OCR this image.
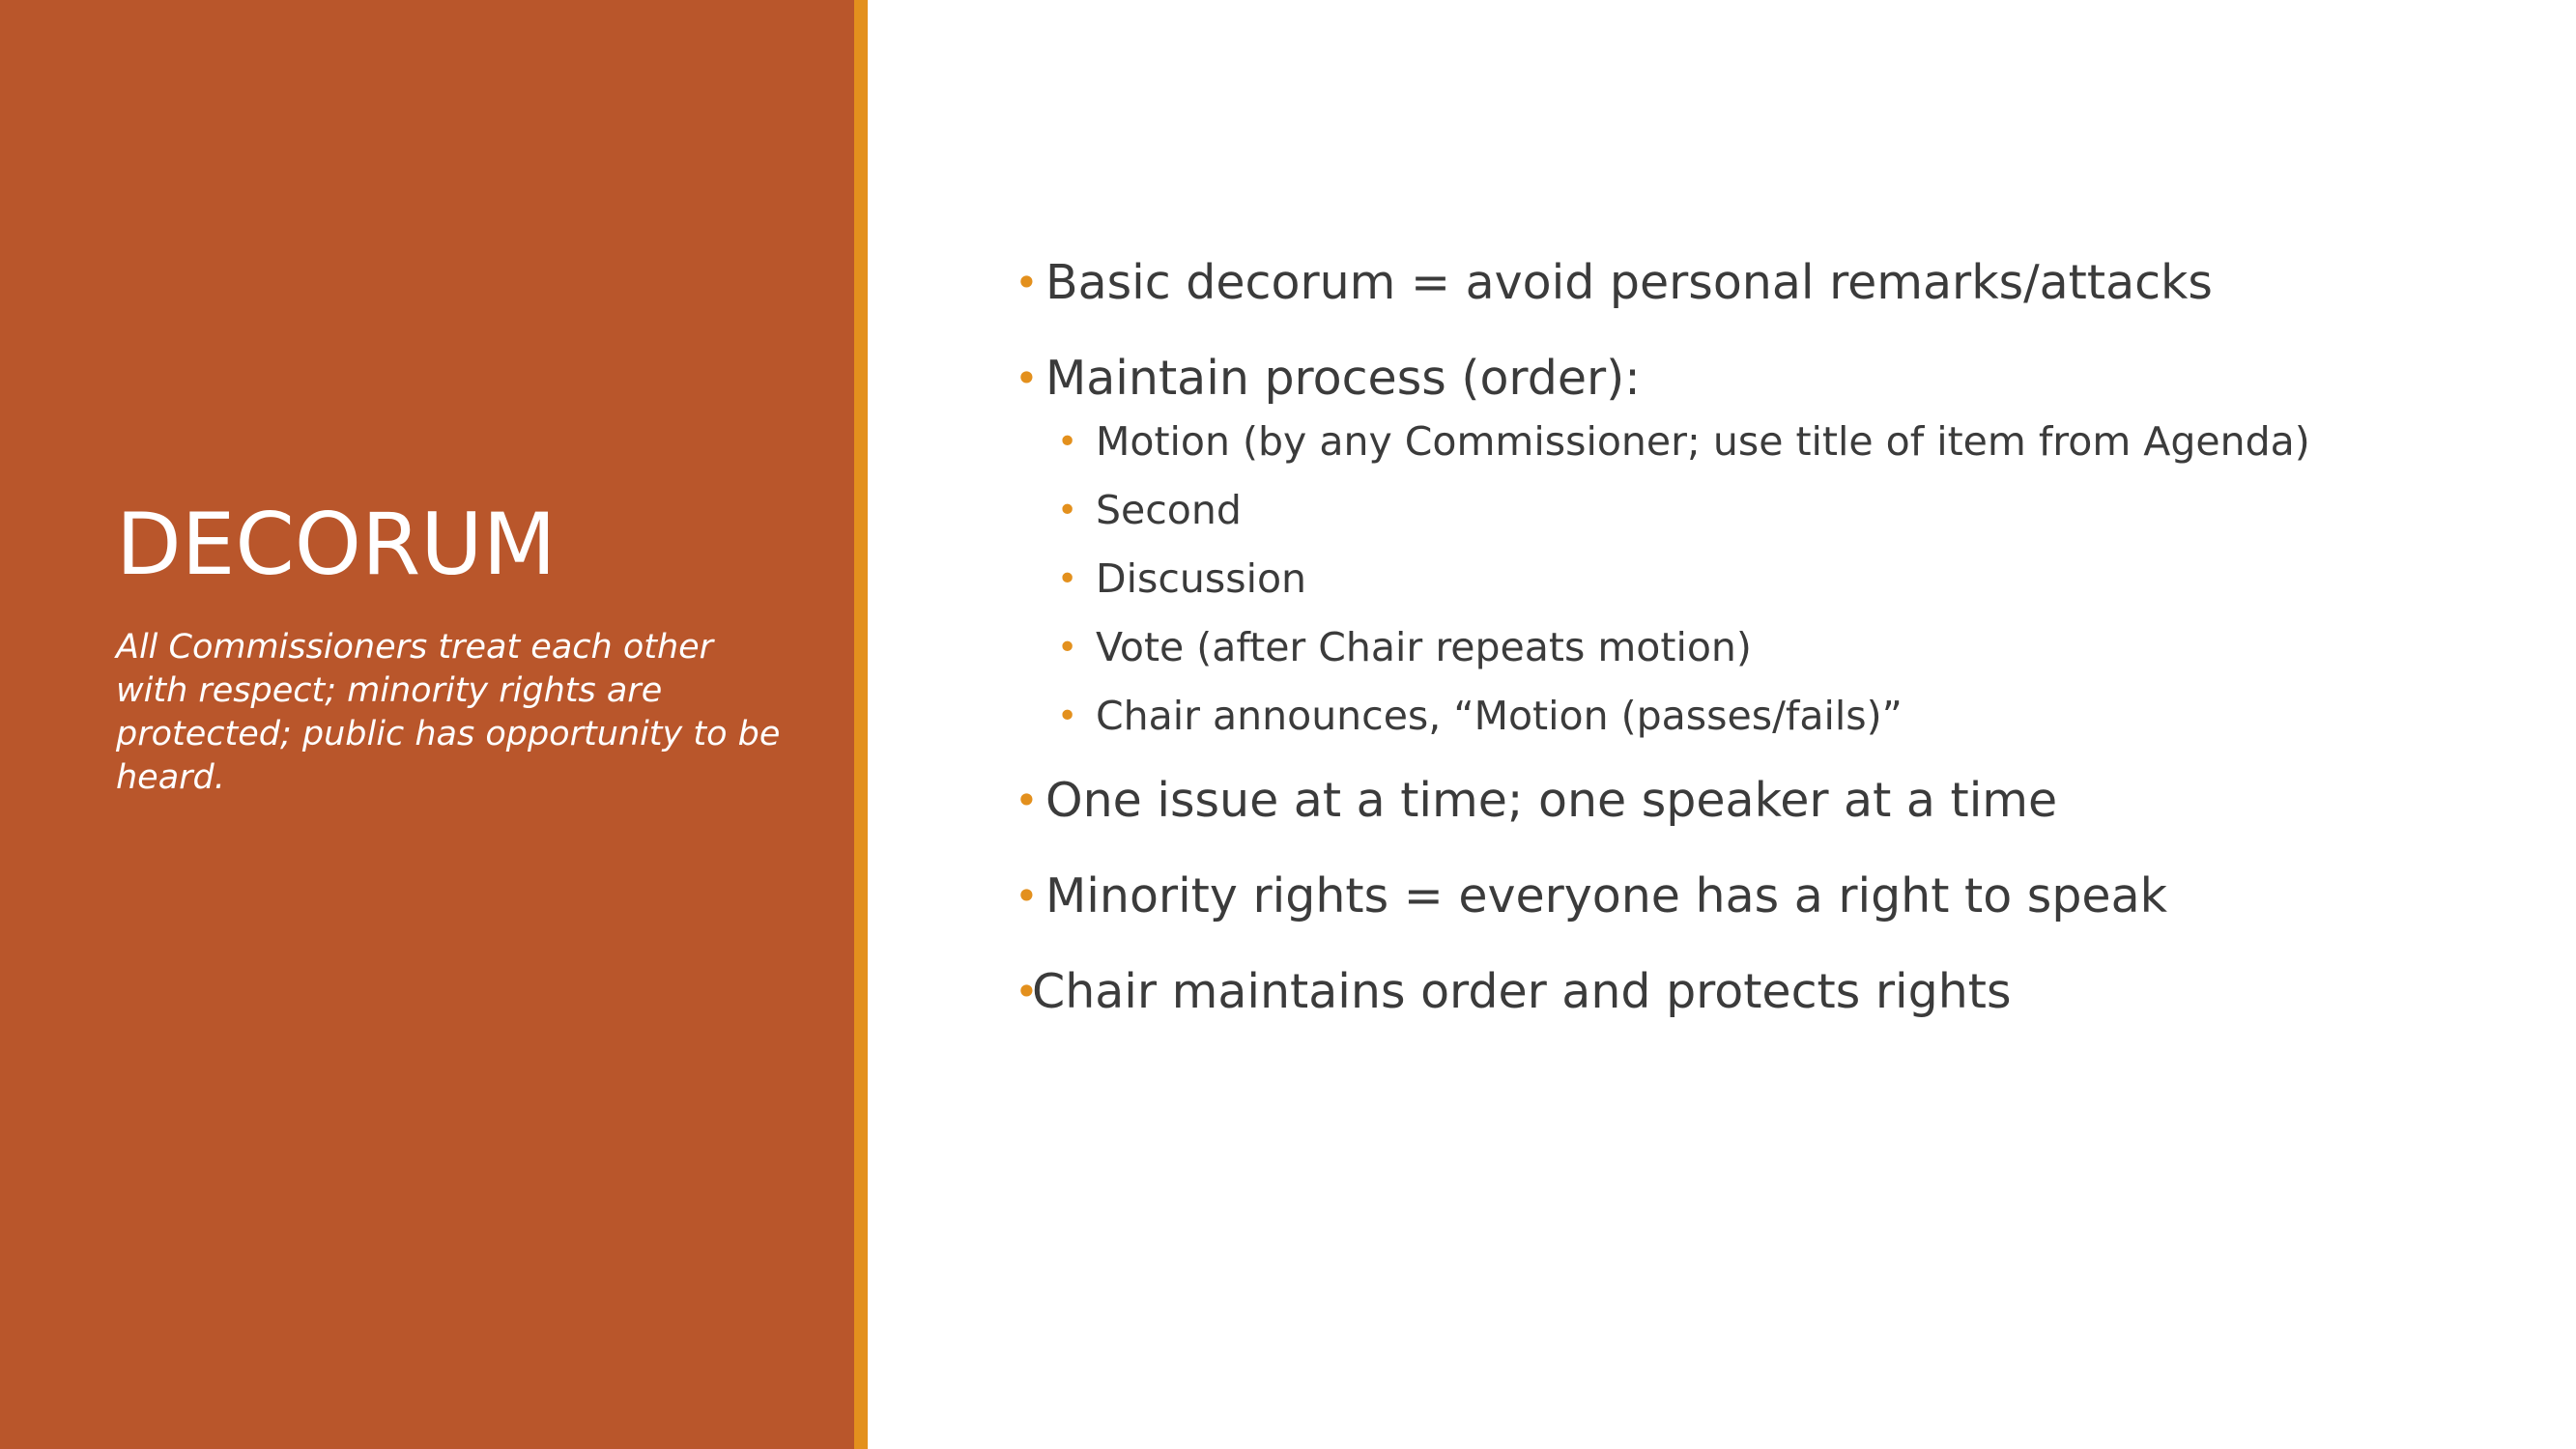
DECORUM

All Commissioners treat each other with respect; minority rights are protected; public has opportunity to be heard.

• Basic decorum = avoid personal remarks/attacks
• Maintain process (order):
• Motion (by any Commissioner; use title of item from Agenda)
• Second
• Discussion
• Vote (after Chair repeats motion)
• Chair announces, “Motion (passes/fails)”
• One issue at a time; one speaker at a time
• Minority rights = everyone has a right to speak
•
Chair maintains order and protects rights
